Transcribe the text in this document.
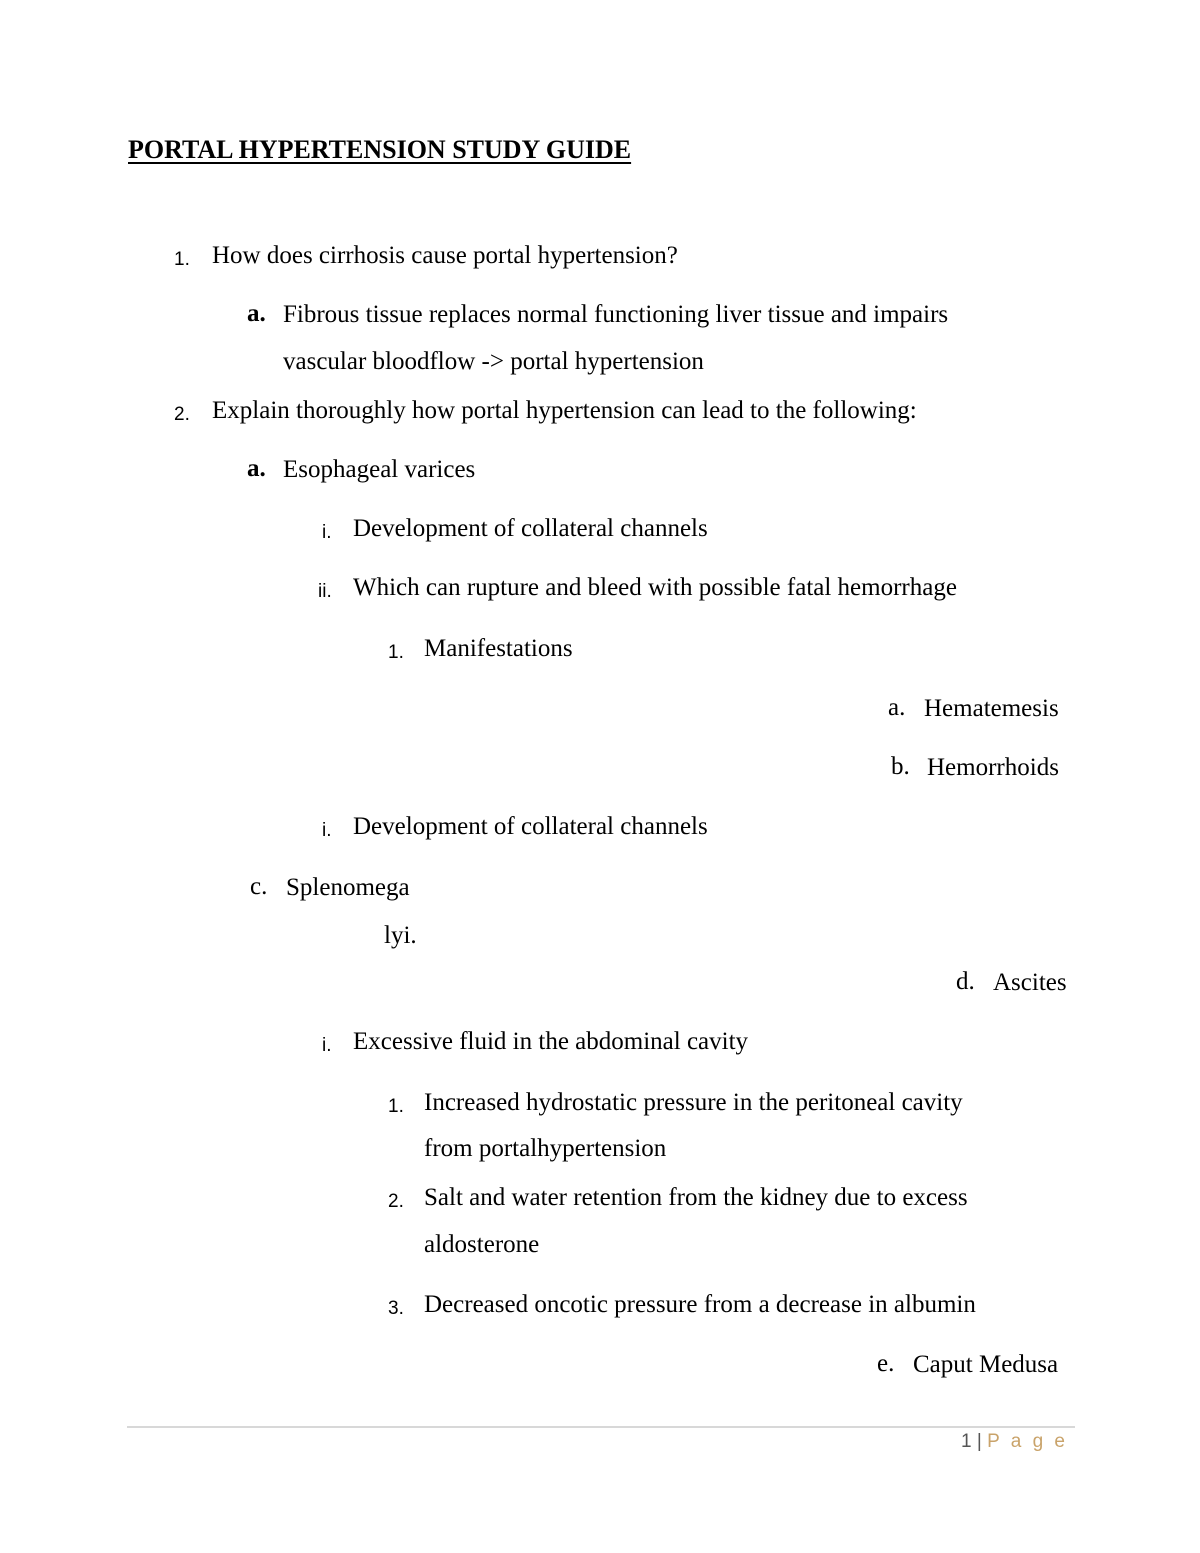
PORTAL HYPERTENSION STUDY GUIDE
1. How does cirrhosis cause portal hypertension?
a. Fibrous tissue replaces normal functioning liver tissue and impairs
vascular bloodflow -> portal hypertension
2. Explain thoroughly how portal hypertension can lead to the following:
a. Esophageal varices
i. Development of collateral channels
ii. Which can rupture and bleed with possible fatal hemorrhage
1. Manifestations
a. Hematemesis
b. Hemorrhoids
i. Development of collateral channels
c. Splenomega
lyi.
d. Ascites
i. Excessive fluid in the abdominal cavity
1. Increased hydrostatic pressure in the peritoneal cavity
from portalhypertension
2. Salt and water retention from the kidney due to excess
aldosterone
3. Decreased oncotic pressure from a decrease in albumin
e. Caput Medusa
1 | P a g e
